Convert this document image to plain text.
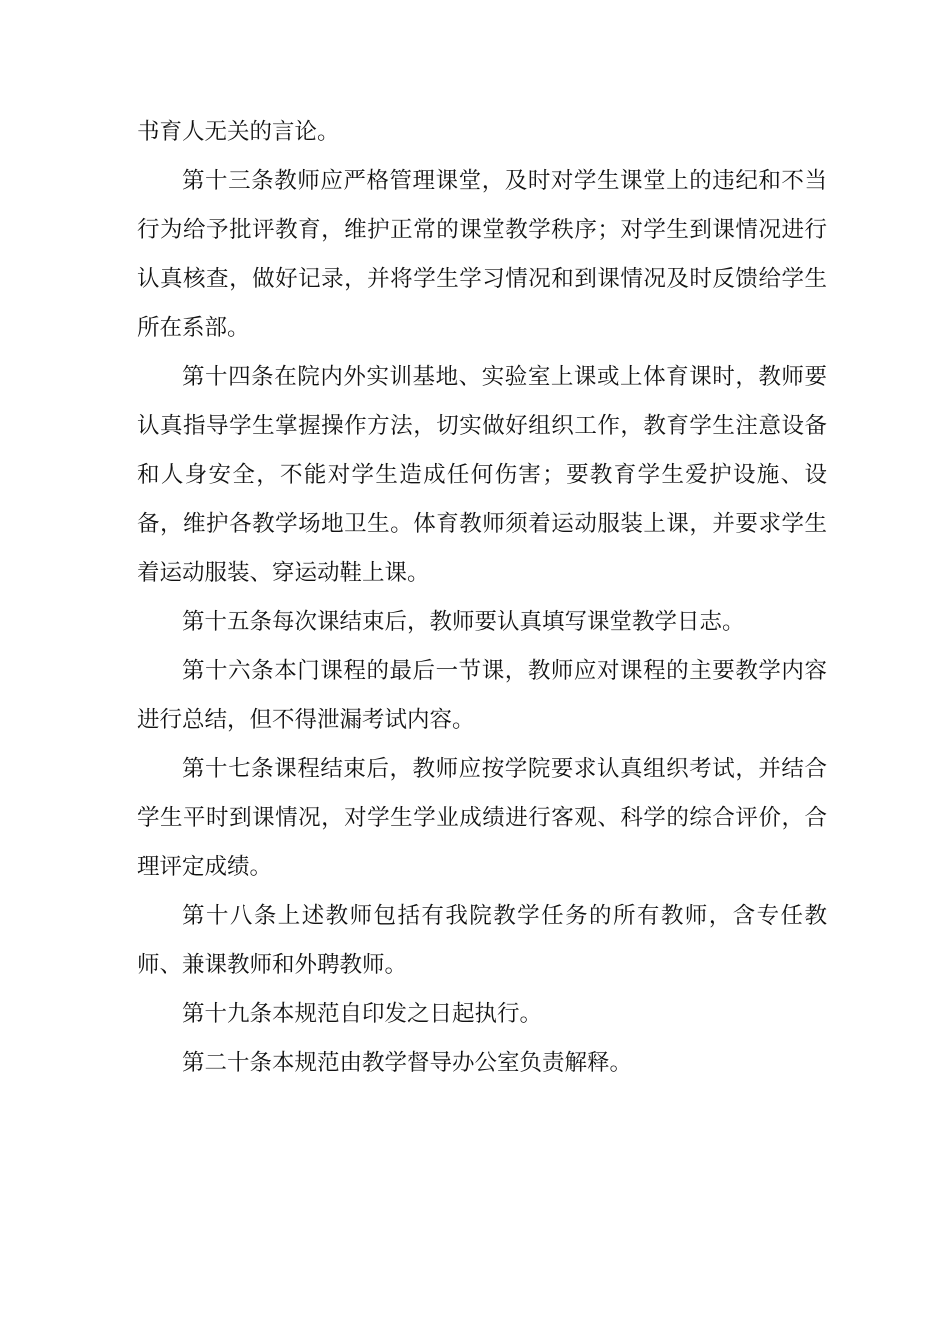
书育人无关的言论。

第十三条教师应严格管理课堂，及时对学生课堂上的违纪和不当行为给予批评教育，维护正常的课堂教学秩序；对学生到课情况进行认真核查，做好记录，并将学生学习情况和到课情况及时反馈给学生所在系部。

第十四条在院内外实训基地、实验室上课或上体育课时，教师要认真指导学生掌握操作方法，切实做好组织工作，教育学生注意设备和人身安全，不能对学生造成任何伤害；要教育学生爱护设施、设备，维护各教学场地卫生。体育教师须着运动服装上课，并要求学生着运动服装、穿运动鞋上课。

第十五条每次课结束后，教师要认真填写课堂教学日志。

第十六条本门课程的最后一节课，教师应对课程的主要教学内容进行总结，但不得泄漏考试内容。

第十七条课程结束后，教师应按学院要求认真组织考试，并结合学生平时到课情况，对学生学业成绩进行客观、科学的综合评价，合理评定成绩。

第十八条上述教师包括有我院教学任务的所有教师，含专任教师、兼课教师和外聘教师。

第十九条本规范自印发之日起执行。

第二十条本规范由教学督导办公室负责解释。
